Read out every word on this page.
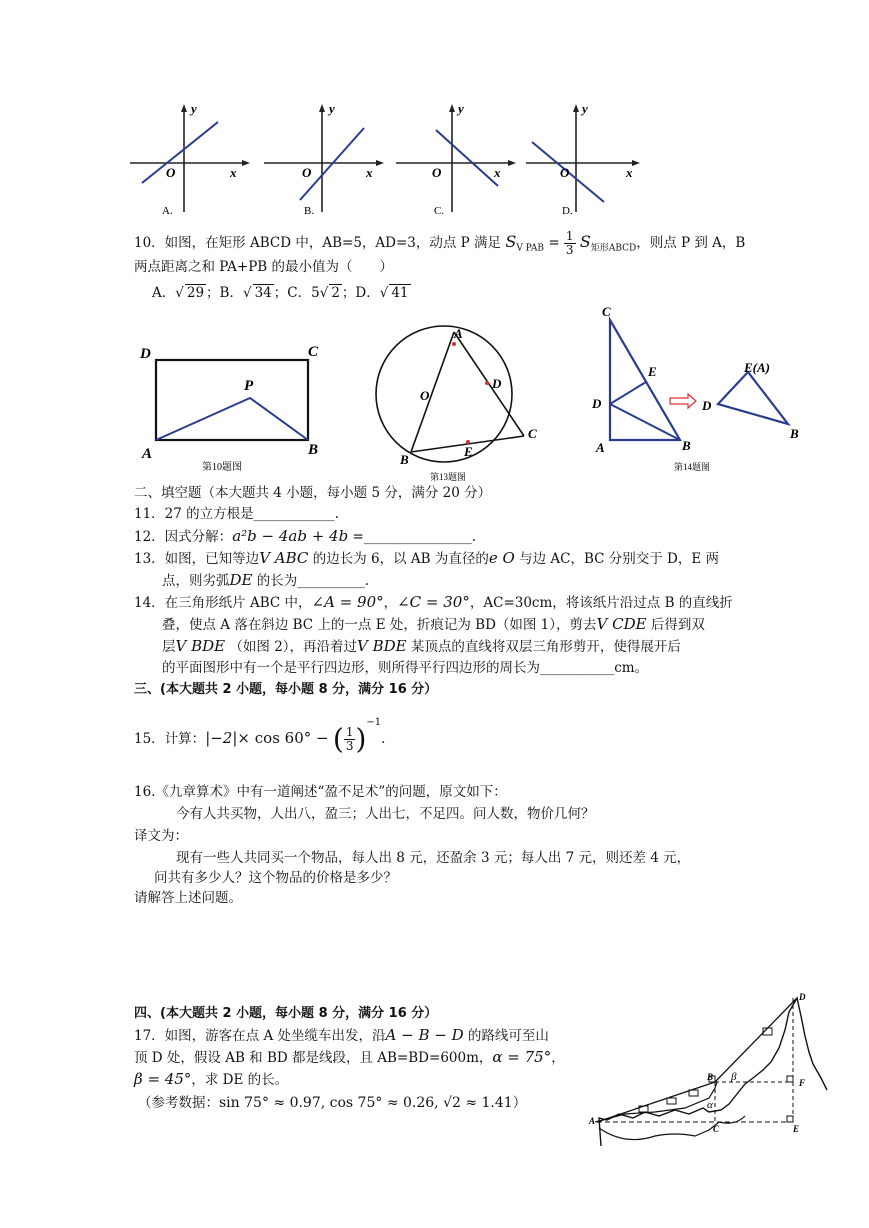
y
x
O
A.
y
x
O
B.
y
x
O
C.
y
x
O
D.
10．如图，在矩形 ABCD 中，AB=5，AD=3，动点 P 满足 $S_{V PAB} = \frac{1}{3} S_{矩形ABCD}$，则点 P 到 A，B
两点距离之和 PA+PB 的最小值为（　　）
A．√ 29 ；B．√ 34 ；C．5√ 2 ；D．√ 41
D	C
P
A	B
第10题图
A
O
D
C
B
E
第13题图
C
E
D
A	B
E(A)
D
B
第14题图
二、填空题（本大题共 4 小题，每小题 5 分，满分 20 分）
11．27 的立方根是____________.
12．因式分解：a²b − 4ab + 4b =________________.
13．如图，已知等边V ABC 的边长为 6，以 AB 为直径的e O 与边 AC，BC 分别交于 D，E 两
点，则劣弧DE 的长为__________.
14．在三角形纸片 ABC 中，∠A = 90°，∠C = 30°，AC=30cm，将该纸片沿过点 B 的直线折
叠，使点 A 落在斜边 BC 上的一点 E 处，折痕记为 BD（如图 1），剪去V CDE 后得到双
层V BDE （如图 2），再沿着过V BDE 某顶点的直线将双层三角形剪开，使得展开后
的平面图形中有一个是平行四边形，则所得平行四边形的周长为___________cm。
三、(本大题共 2 小题，每小题 8 分，满分 16 分）
15．计算：|−2|× cos 60° − ( $\frac{1}{3} )^{-1}$.
16.《九章算术》中有一道阐述“盈不足术”的问题，原文如下：
今有人共买物，人出八，盈三；人出七，不足四。问人数，物价几何？
译文为：
现有一些人共同买一个物品，每人出 8 元，还盈余 3 元；每人出 7 元，则还差 4 元，
问共有多少人？这个物品的价格是多少？
请解答上述问题。
四、(本大题共 2 小题，每小题 8 分，满分 16 分）
17．如图，游客在点 A 处坐缆车出发，沿A − B − D 的路线可至山
顶 D 处，假设 AB 和 BD 都是线段，且 AB=BD=600m，α = 75°，
β = 45°，求 DE 的长。
（参考数据：sin 75° ≈ 0.97, cos 75° ≈ 0.26, √2 ≈ 1.41）
D
B β
α
F
A
C	E
